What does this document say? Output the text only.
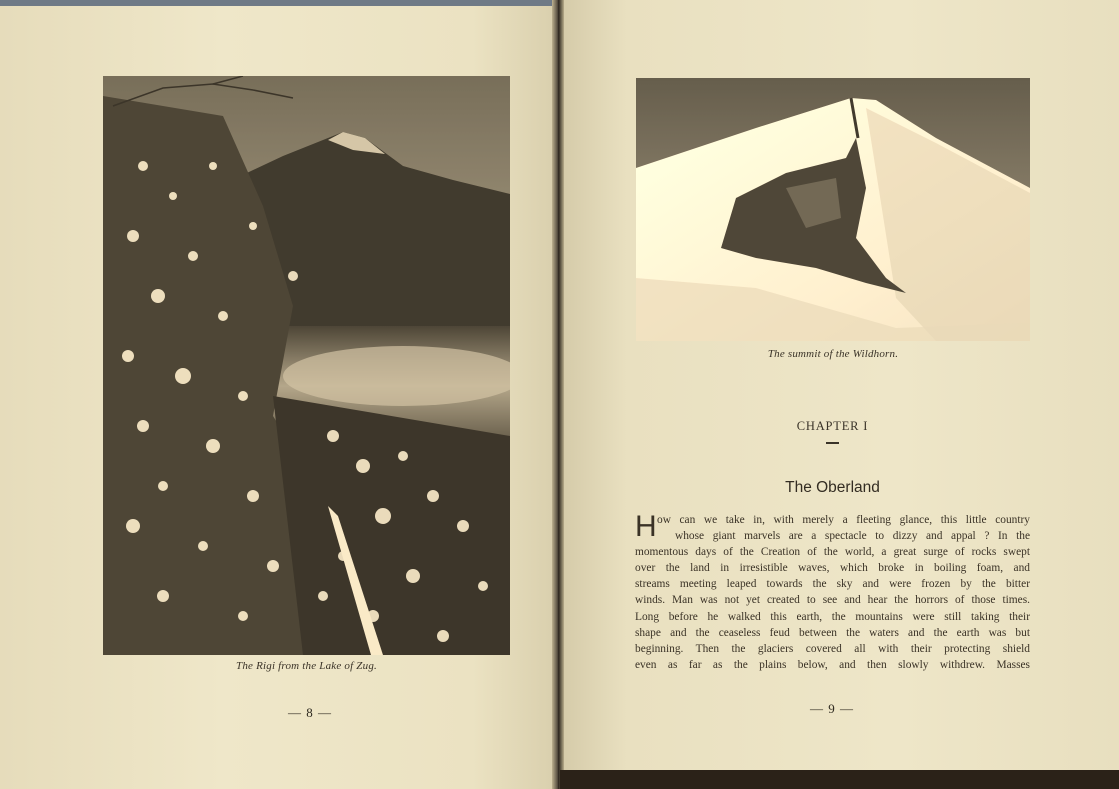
The Rigi from the Lake of Zug.
— 8 —
The summit of the Wildhorn.
CHAPTER I
The Oberland
H ow can we take in, with merely a fleeting glance, this little country
whose giant marvels are a spectacle to dizzy and appal ? In the
momentous days of the Creation of the world, a great surge of rocks swept
over the land in irresistible waves, which broke in boiling foam, and
streams meeting leaped towards the sky and were frozen by the bitter
winds. Man was not yet created to see and hear the horrors of those times.
Long before he walked this earth, the mountains were still taking their
shape and the ceaseless feud between the waters and the earth was but
beginning. Then the glaciers covered all with their protecting shield
even as far as the plains below, and then slowly withdrew. Masses
— 9 —
